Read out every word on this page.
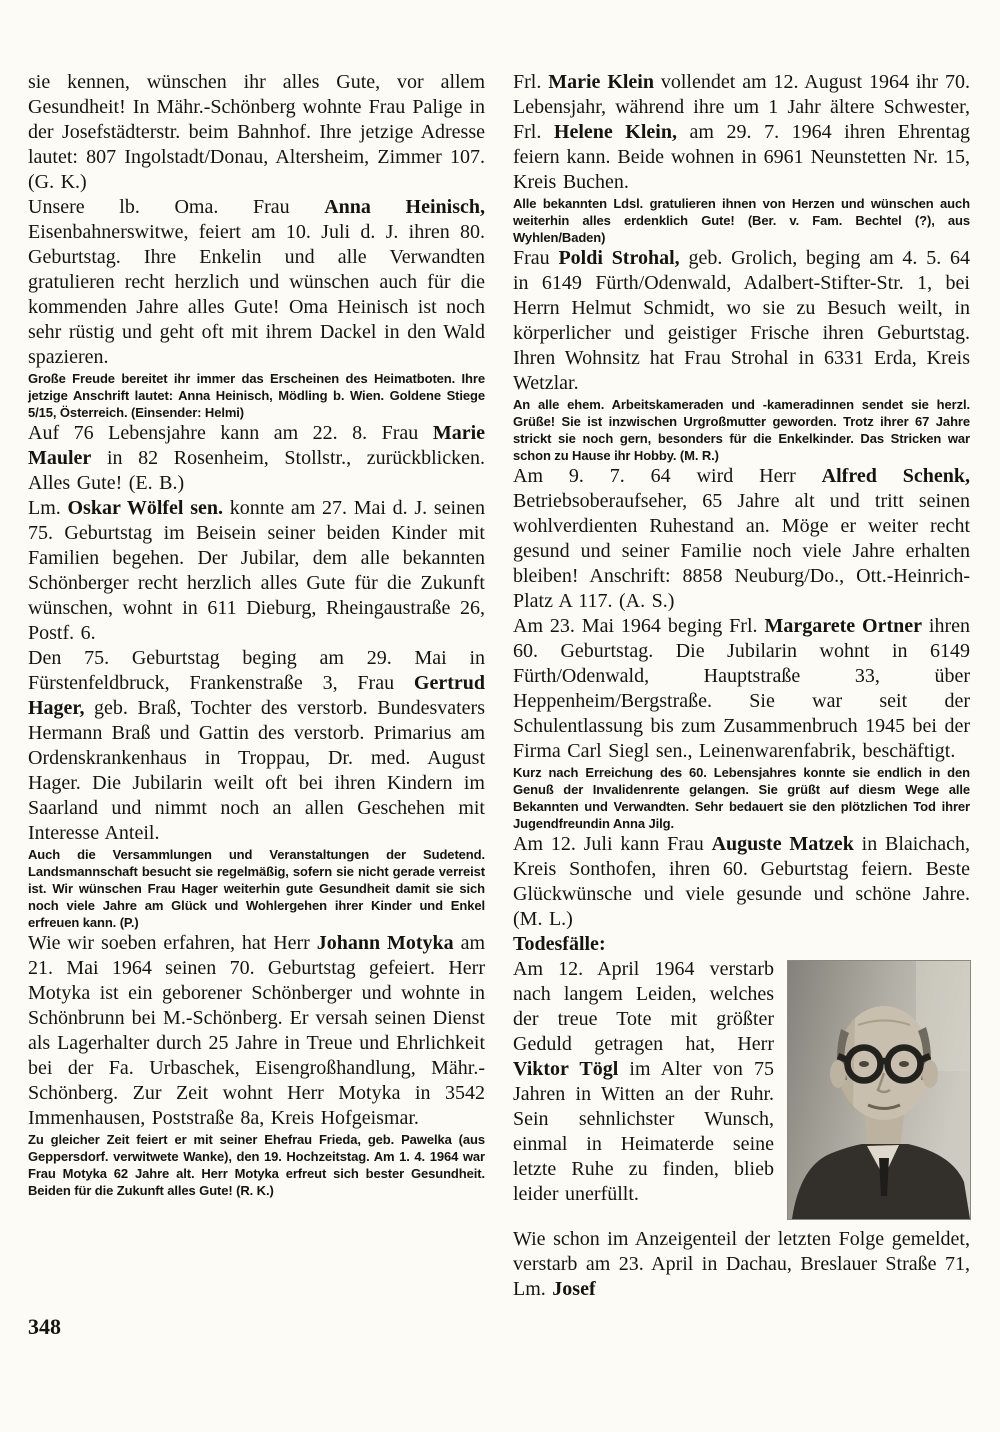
sie kennen, wünschen ihr alles Gute, vor allem Gesundheit! In Mähr.-Schönberg wohnte Frau Palige in der Josefstädterstr. beim Bahnhof. Ihre jetzige Adresse lautet: 807 Ingolstadt/Donau, Altersheim, Zimmer 107. (G. K.)

Unsere lb. Oma. Frau Anna Heinisch, Eisenbahnerswitwe, feiert am 10. Juli d. J. ihren 80. Geburtstag. Ihre Enkelin und alle Verwandten gratulieren recht herzlich und wünschen auch für die kommenden Jahre alles Gute! Oma Heinisch ist noch sehr rüstig und geht oft mit ihrem Dackel in den Wald spazieren.

Große Freude bereitet ihr immer das Erscheinen des Heimatboten. Ihre jetzige Anschrift lautet: Anna Heinisch, Mödling b. Wien. Goldene Stiege 5/15, Österreich. (Einsender: Helmi)

Auf 76 Lebensjahre kann am 22. 8. Frau Marie Mauler in 82 Rosenheim, Stollstr., zurückblicken. Alles Gute! (E. B.)

Lm. Oskar Wölfel sen. konnte am 27. Mai d. J. seinen 75. Geburtstag im Beisein seiner beiden Kinder mit Familien begehen. Der Jubilar, dem alle bekannten Schönberger recht herzlich alles Gute für die Zukunft wünschen, wohnt in 611 Dieburg, Rheingaustraße 26, Postf. 6.

Den 75. Geburtstag beging am 29. Mai in Fürstenfeldbruck, Frankenstraße 3, Frau Gertrud Hager, geb. Braß, Tochter des verstorb. Bundesvaters Hermann Braß und Gattin des verstorb. Primarius am Ordenskrankenhaus in Troppau, Dr. med. August Hager. Die Jubilarin weilt oft bei ihren Kindern im Saarland und nimmt noch an allen Geschehen mit Interesse Anteil.

Auch die Versammlungen und Veranstaltungen der Sudetend. Landsmannschaft besucht sie regelmäßig, sofern sie nicht gerade verreist ist. Wir wünschen Frau Hager weiterhin gute Gesundheit damit sie sich noch viele Jahre am Glück und Wohlergehen ihrer Kinder und Enkel erfreuen kann. (P.)

Wie wir soeben erfahren, hat Herr Johann Motyka am 21. Mai 1964 seinen 70. Geburtstag gefeiert. Herr Motyka ist ein geborener Schönberger und wohnte in Schönbrunn bei M.-Schönberg. Er versah seinen Dienst als Lagerhalter durch 25 Jahre in Treue und Ehrlichkeit bei der Fa. Urbaschek, Eisengroßhandlung, Mähr.-Schönberg. Zur Zeit wohnt Herr Motyka in 3542 Immenhausen, Poststraße 8a, Kreis Hofgeismar.

Zu gleicher Zeit feiert er mit seiner Ehefrau Frieda, geb. Pawelka (aus Geppersdorf. verwitwete Wanke), den 19. Hochzeitstag. Am 1. 4. 1964 war Frau Motyka 62 Jahre alt. Herr Motyka erfreut sich bester Gesundheit. Beiden für die Zukunft alles Gute! (R. K.)

Frl. Marie Klein vollendet am 12. August 1964 ihr 70. Lebensjahr, während ihre um 1 Jahr ältere Schwester, Frl. Helene Klein, am 29. 7. 1964 ihren Ehrentag feiern kann. Beide wohnen in 6961 Neunstetten Nr. 15, Kreis Buchen.

Alle bekannten Ldsl. gratulieren ihnen von Herzen und wünschen auch weiterhin alles erdenklich Gute! (Ber. v. Fam. Bechtel (?), aus Wyhlen/Baden)

Frau Poldi Strohal, geb. Grolich, beging am 4. 5. 64 in 6149 Fürth/Odenwald, Adalbert-Stifter-Str. 1, bei Herrn Helmut Schmidt, wo sie zu Besuch weilt, in körperlicher und geistiger Frische ihren Geburtstag. Ihren Wohnsitz hat Frau Strohal in 6331 Erda, Kreis Wetzlar.

An alle ehem. Arbeitskameraden und -kameradinnen sendet sie herzl. Grüße! Sie ist inzwischen Urgroßmutter geworden. Trotz ihrer 67 Jahre strickt sie noch gern, besonders für die Enkelkinder. Das Stricken war schon zu Hause ihr Hobby. (M. R.)

Am 9. 7. 64 wird Herr Alfred Schenk, Betriebsoberaufseher, 65 Jahre alt und tritt seinen wohlverdienten Ruhestand an. Möge er weiter recht gesund und seiner Familie noch viele Jahre erhalten bleiben! Anschrift: 8858 Neuburg/Do., Ott.-Heinrich-Platz A 117. (A. S.)

Am 23. Mai 1964 beging Frl. Margarete Ortner ihren 60. Geburtstag. Die Jubilarin wohnt in 6149 Fürth/Odenwald, Hauptstraße 33, über Heppenheim/Bergstraße. Sie war seit der Schulentlassung bis zum Zusammenbruch 1945 bei der Firma Carl Siegl sen., Leinenwarenfabrik, beschäftigt.

Kurz nach Erreichung des 60. Lebensjahres konnte sie endlich in den Genuß der Invalidenrente gelangen. Sie grüßt auf diesm Wege alle Bekannten und Verwandten. Sehr bedauert sie den plötzlichen Tod ihrer Jugendfreundin Anna Jilg.

Am 12. Juli kann Frau Auguste Matzek in Blaichach, Kreis Sonthofen, ihren 60. Geburtstag feiern. Beste Glückwünsche und viele gesunde und schöne Jahre. (M. L.)

Todesfälle:

Am 12. April 1964 verstarb nach langem Leiden, welches der treue Tote mit größter Geduld getragen hat, Herr Viktor Tögl im Alter von 75 Jahren in Witten an der Ruhr. Sein sehnlichster Wunsch, einmal in Heimaterde seine letzte Ruhe zu finden, blieb leider unerfüllt.

Wie schon im Anzeigenteil der letzten Folge gemeldet, verstarb am 23. April in Dachau, Breslauer Straße 71, Lm. Josef

348
